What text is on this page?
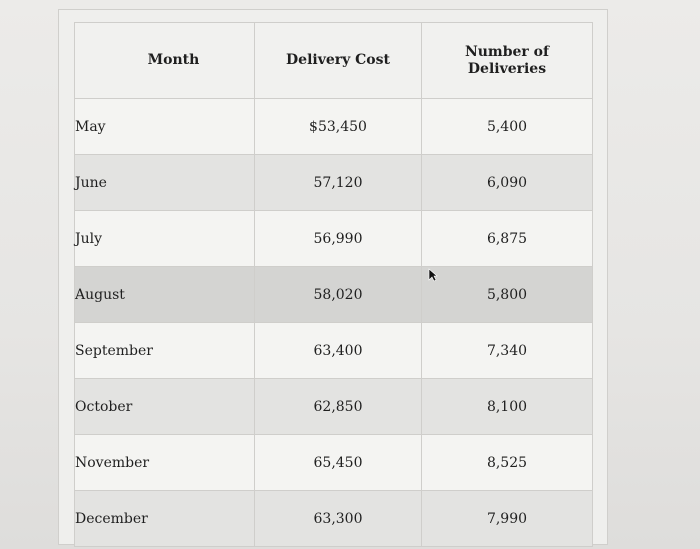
Month	Delivery Cost	Number of
Deliveries
May	$53,450	5,400
June	57,120	6,090
July	56,990	6,875
August	58,020	5,800
September	63,400	7,340
October	62,850	8,100
November	65,450	8,525
December	63,300	7,990
